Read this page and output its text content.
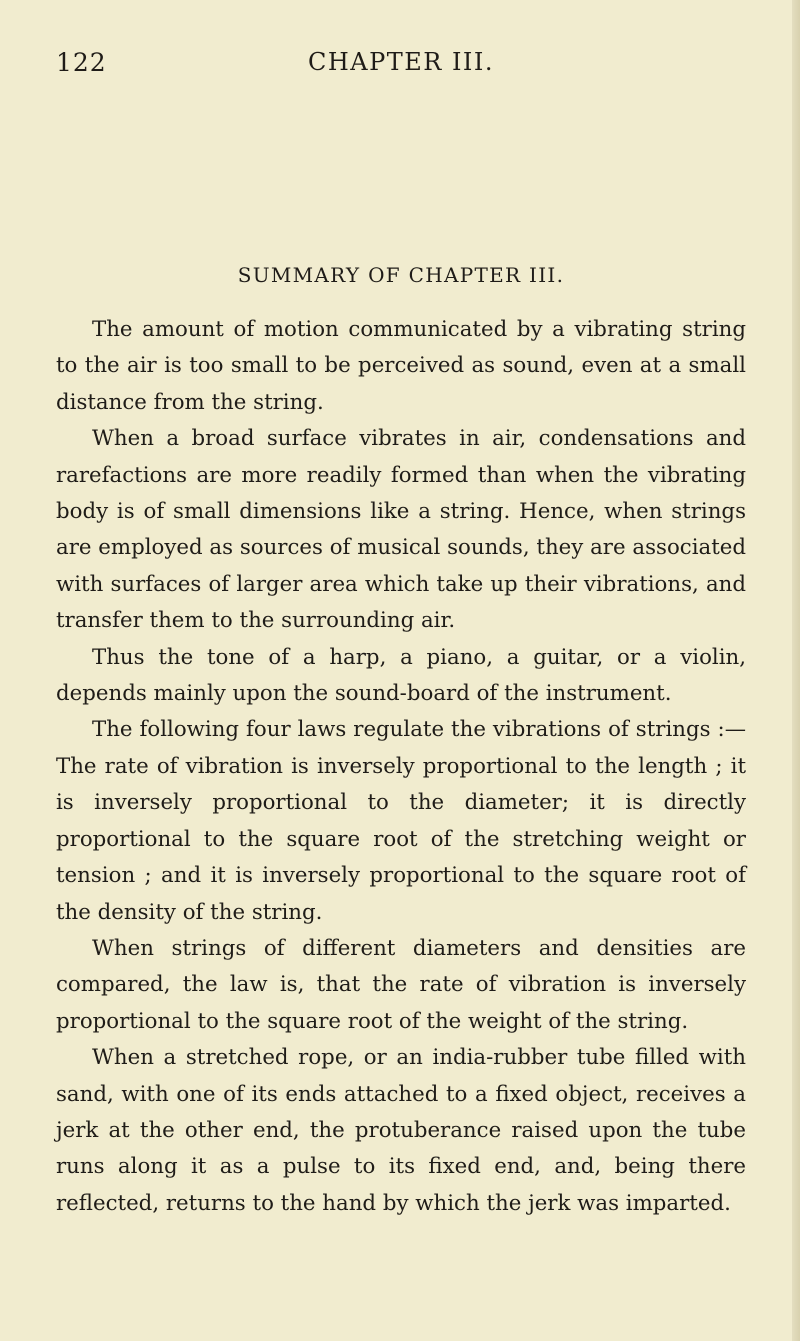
122	CHAPTER III.
SUMMARY OF CHAPTER III.

The amount of motion communicated by a vibrating string to the air is too small to be perceived as sound, even at a small distance from the string.

When a broad surface vibrates in air, condensations and rarefactions are more readily formed than when the vibrating body is of small dimensions like a string. Hence, when strings are employed as sources of musical sounds, they are associated with surfaces of larger area which take up their vibrations, and transfer them to the surrounding air.

Thus the tone of a harp, a piano, a guitar, or a violin, depends mainly upon the sound-board of the instrument.

The following four laws regulate the vibrations of strings :—The rate of vibration is inversely proportional to the length ; it is inversely proportional to the diameter; it is directly proportional to the square root of the stretching weight or tension ; and it is inversely proportional to the square root of the density of the string.

When strings of different diameters and densities are compared, the law is, that the rate of vibration is inversely proportional to the square root of the weight of the string.

When a stretched rope, or an india-rubber tube filled with sand, with one of its ends attached to a fixed object, receives a jerk at the other end, the protuberance raised upon the tube runs along it as a pulse to its fixed end, and, being there reflected, returns to the hand by which the jerk was imparted.
